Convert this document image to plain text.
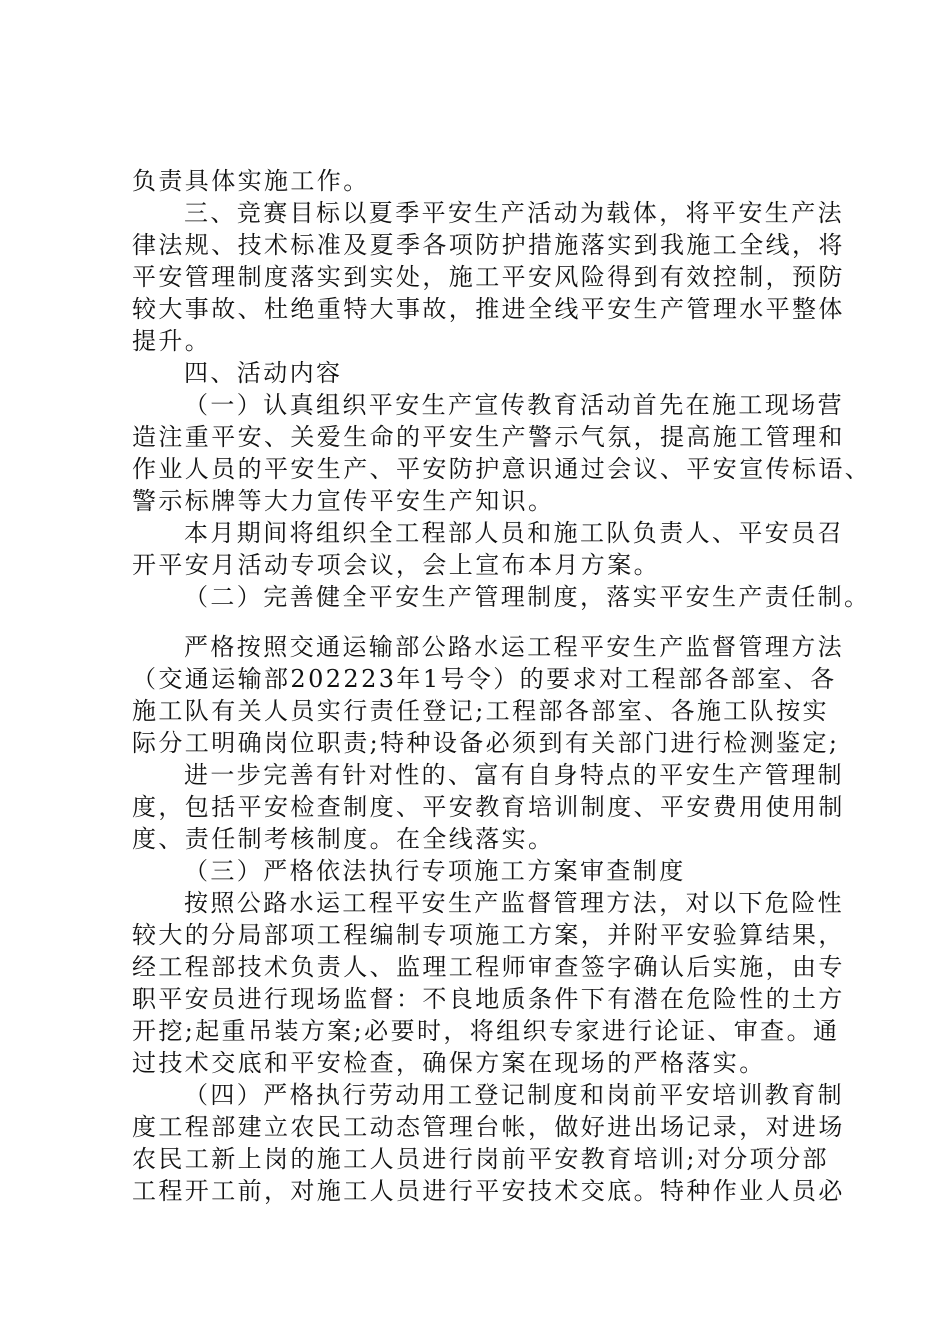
负责具体实施工作。
三、竞赛目标以夏季平安生产活动为载体，将平安生产法
律法规、技术标准及夏季各项防护措施落实到我施工全线，将
平安管理制度落实到实处，施工平安风险得到有效控制，预防
较大事故、杜绝重特大事故，推进全线平安生产管理水平整体
提升。
四、活动内容
（一）认真组织平安生产宣传教育活动首先在施工现场营
造注重平安、关爱生命的平安生产警示气氛，提高施工管理和
作业人员的平安生产、平安防护意识通过会议、平安宣传标语、
警示标牌等大力宣传平安生产知识。
本月期间将组织全工程部人员和施工队负责人、平安员召
开平安月活动专项会议，会上宣布本月方案。
（二）完善健全平安生产管理制度，落实平安生产责任制。
严格按照交通运输部公路水运工程平安生产监督管理方法
（交通运输部202223年1号令）的要求对工程部各部室、各
施工队有关人员实行责任登记;工程部各部室、各施工队按实
际分工明确岗位职责;特种设备必须到有关部门进行检测鉴定;
进一步完善有针对性的、富有自身特点的平安生产管理制
度，包括平安检查制度、平安教育培训制度、平安费用使用制
度、责任制考核制度。在全线落实。
（三）严格依法执行专项施工方案审查制度
按照公路水运工程平安生产监督管理方法，对以下危险性
较大的分局部项工程编制专项施工方案，并附平安验算结果，
经工程部技术负责人、监理工程师审查签字确认后实施，由专
职平安员进行现场监督：不良地质条件下有潜在危险性的土方
开挖;起重吊装方案;必要时，将组织专家进行论证、审查。通
过技术交底和平安检查，确保方案在现场的严格落实。
（四）严格执行劳动用工登记制度和岗前平安培训教育制
度工程部建立农民工动态管理台帐，做好进出场记录，对进场
农民工新上岗的施工人员进行岗前平安教育培训;对分项分部
工程开工前，对施工人员进行平安技术交底。特种作业人员必
